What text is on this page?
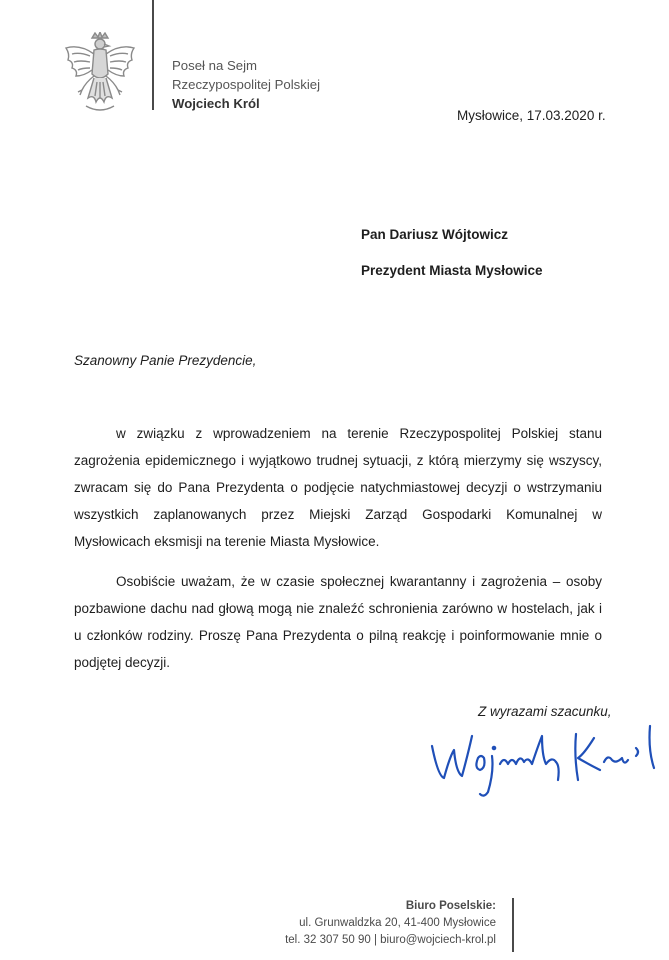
Poseł na Sejm
Rzeczypospolitej Polskiej
Wojciech Król
Mysłowice, 17.03.2020 r.
Pan Dariusz Wójtowicz
Prezydent Miasta Mysłowice
Szanowny Panie Prezydencie,

w związku z wprowadzeniem na terenie Rzeczypospolitej Polskiej stanu zagrożenia epidemicznego i wyjątkowo trudnej sytuacji, z którą mierzymy się wszyscy, zwracam się do Pana Prezydenta o podjęcie natychmiastowej decyzji o wstrzymaniu wszystkich zaplanowanych przez Miejski Zarząd Gospodarki Komunalnej w Mysłowicach eksmisji na terenie Miasta Mysłowice.

Osobiście uważam, że w czasie społecznej kwarantanny i zagrożenia – osoby pozbawione dachu nad głową mogą nie znaleźć schronienia zarówno w hostelach, jak i u członków rodziny. Proszę Pana Prezydenta o pilną reakcję i poinformowanie mnie o podjętej decyzji.

Z wyrazami szacunku,
Biuro Poselskie:
ul. Grunwaldzka 20, 41-400 Mysłowice
tel. 32 307 50 90 | biuro@wojciech-krol.pl
